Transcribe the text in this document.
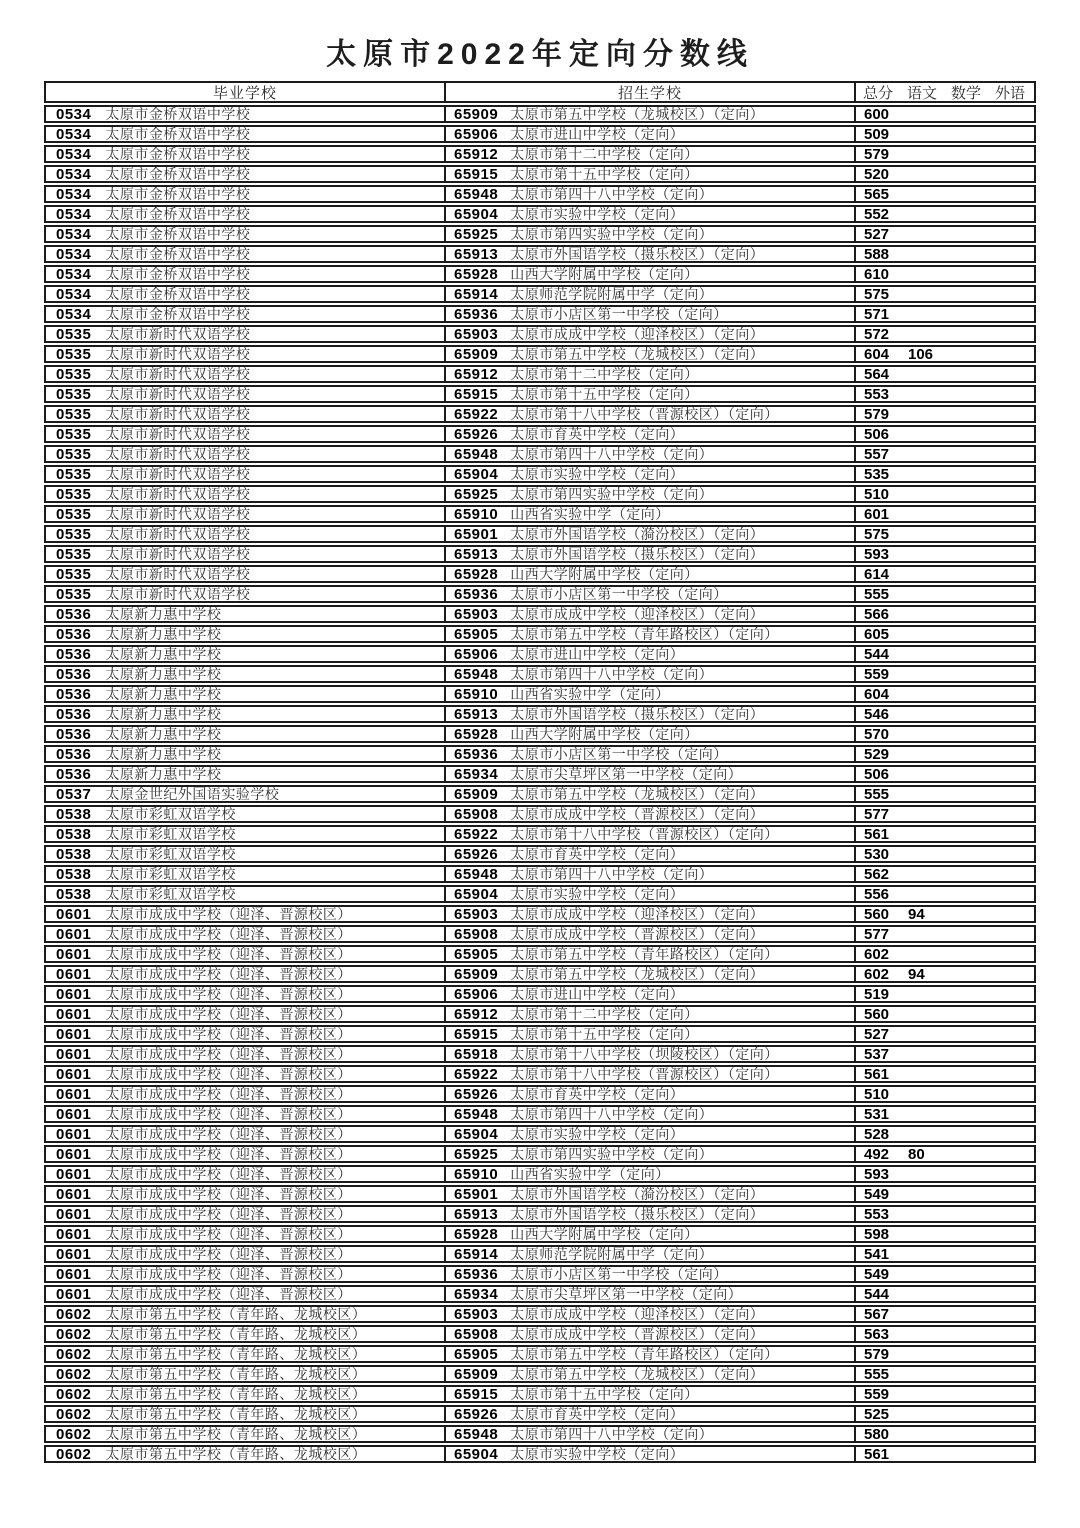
太原市2022年定向分数线
毕业学校	招生学校	总分 语文 数学 外语
0534 太原市金桥双语中学校	65909 太原市第五中学校（龙城校区）（定向）	600
0534 太原市金桥双语中学校	65906 太原市进山中学校（定向）	509
0534 太原市金桥双语中学校	65912 太原市第十二中学校（定向）	579
0534 太原市金桥双语中学校	65915 太原市第十五中学校（定向）	520
0534 太原市金桥双语中学校	65948 太原市第四十八中学校（定向）	565
0534 太原市金桥双语中学校	65904 太原市实验中学校（定向）	552
0534 太原市金桥双语中学校	65925 太原市第四实验中学校（定向）	527
0534 太原市金桥双语中学校	65913 太原市外国语学校（摄乐校区）（定向）	588
0534 太原市金桥双语中学校	65928 山西大学附属中学校（定向）	610
0534 太原市金桥双语中学校	65914 太原师范学院附属中学（定向）	575
0534 太原市金桥双语中学校	65936 太原市小店区第一中学校（定向）	571
0535 太原市新时代双语学校	65903 太原市成成中学校（迎泽校区）（定向）	572
0535 太原市新时代双语学校	65909 太原市第五中学校（龙城校区）（定向）	604	106
0535 太原市新时代双语学校	65912 太原市第十二中学校（定向）	564
0535 太原市新时代双语学校	65915 太原市第十五中学校（定向）	553
0535 太原市新时代双语学校	65922 太原市第十八中学校（晋源校区）（定向）	579
0535 太原市新时代双语学校	65926 太原市育英中学校（定向）	506
0535 太原市新时代双语学校	65948 太原市第四十八中学校（定向）	557
0535 太原市新时代双语学校	65904 太原市实验中学校（定向）	535
0535 太原市新时代双语学校	65925 太原市第四实验中学校（定向）	510
0535 太原市新时代双语学校	65910 山西省实验中学（定向）	601
0535 太原市新时代双语学校	65901 太原市外国语学校（漪汾校区）（定向）	575
0535 太原市新时代双语学校	65913 太原市外国语学校（摄乐校区）（定向）	593
0535 太原市新时代双语学校	65928 山西大学附属中学校（定向）	614
0535 太原市新时代双语学校	65936 太原市小店区第一中学校（定向）	555
0536 太原新力惠中学校	65903 太原市成成中学校（迎泽校区）（定向）	566
0536 太原新力惠中学校	65905 太原市第五中学校（青年路校区）（定向）	605
0536 太原新力惠中学校	65906 太原市进山中学校（定向）	544
0536 太原新力惠中学校	65948 太原市第四十八中学校（定向）	559
0536 太原新力惠中学校	65910 山西省实验中学（定向）	604
0536 太原新力惠中学校	65913 太原市外国语学校（摄乐校区）（定向）	546
0536 太原新力惠中学校	65928 山西大学附属中学校（定向）	570
0536 太原新力惠中学校	65936 太原市小店区第一中学校（定向）	529
0536 太原新力惠中学校	65934 太原市尖草坪区第一中学校（定向）	506
0537 太原金世纪外国语实验学校	65909 太原市第五中学校（龙城校区）（定向）	555
0538 太原市彩虹双语学校	65908 太原市成成中学校（晋源校区）（定向）	577
0538 太原市彩虹双语学校	65922 太原市第十八中学校（晋源校区）（定向）	561
0538 太原市彩虹双语学校	65926 太原市育英中学校（定向）	530
0538 太原市彩虹双语学校	65948 太原市第四十八中学校（定向）	562
0538 太原市彩虹双语学校	65904 太原市实验中学校（定向）	556
0601 太原市成成中学校（迎泽、晋源校区）	65903 太原市成成中学校（迎泽校区）（定向）	560	94
0601 太原市成成中学校（迎泽、晋源校区）	65908 太原市成成中学校（晋源校区）（定向）	577
0601 太原市成成中学校（迎泽、晋源校区）	65905 太原市第五中学校（青年路校区）（定向）	602
0601 太原市成成中学校（迎泽、晋源校区）	65909 太原市第五中学校（龙城校区）（定向）	602	94
0601 太原市成成中学校（迎泽、晋源校区）	65906 太原市进山中学校（定向）	519
0601 太原市成成中学校（迎泽、晋源校区）	65912 太原市第十二中学校（定向）	560
0601 太原市成成中学校（迎泽、晋源校区）	65915 太原市第十五中学校（定向）	527
0601 太原市成成中学校（迎泽、晋源校区）	65918 太原市第十八中学校（坝陵校区）（定向）	537
0601 太原市成成中学校（迎泽、晋源校区）	65922 太原市第十八中学校（晋源校区）（定向）	561
0601 太原市成成中学校（迎泽、晋源校区）	65926 太原市育英中学校（定向）	510
0601 太原市成成中学校（迎泽、晋源校区）	65948 太原市第四十八中学校（定向）	531
0601 太原市成成中学校（迎泽、晋源校区）	65904 太原市实验中学校（定向）	528
0601 太原市成成中学校（迎泽、晋源校区）	65925 太原市第四实验中学校（定向）	492	80
0601 太原市成成中学校（迎泽、晋源校区）	65910 山西省实验中学（定向）	593
0601 太原市成成中学校（迎泽、晋源校区）	65901 太原市外国语学校（漪汾校区）（定向）	549
0601 太原市成成中学校（迎泽、晋源校区）	65913 太原市外国语学校（摄乐校区）（定向）	553
0601 太原市成成中学校（迎泽、晋源校区）	65928 山西大学附属中学校（定向）	598
0601 太原市成成中学校（迎泽、晋源校区）	65914 太原师范学院附属中学（定向）	541
0601 太原市成成中学校（迎泽、晋源校区）	65936 太原市小店区第一中学校（定向）	549
0601 太原市成成中学校（迎泽、晋源校区）	65934 太原市尖草坪区第一中学校（定向）	544
0602 太原市第五中学校（青年路、龙城校区）	65903 太原市成成中学校（迎泽校区）（定向）	567
0602 太原市第五中学校（青年路、龙城校区）	65908 太原市成成中学校（晋源校区）（定向）	563
0602 太原市第五中学校（青年路、龙城校区）	65905 太原市第五中学校（青年路校区）（定向）	579
0602 太原市第五中学校（青年路、龙城校区）	65909 太原市第五中学校（龙城校区）（定向）	555
0602 太原市第五中学校（青年路、龙城校区）	65915 太原市第十五中学校（定向）	559
0602 太原市第五中学校（青年路、龙城校区）	65926 太原市育英中学校（定向）	525
0602 太原市第五中学校（青年路、龙城校区）	65948 太原市第四十八中学校（定向）	580
0602 太原市第五中学校（青年路、龙城校区）	65904 太原市实验中学校（定向）	561
